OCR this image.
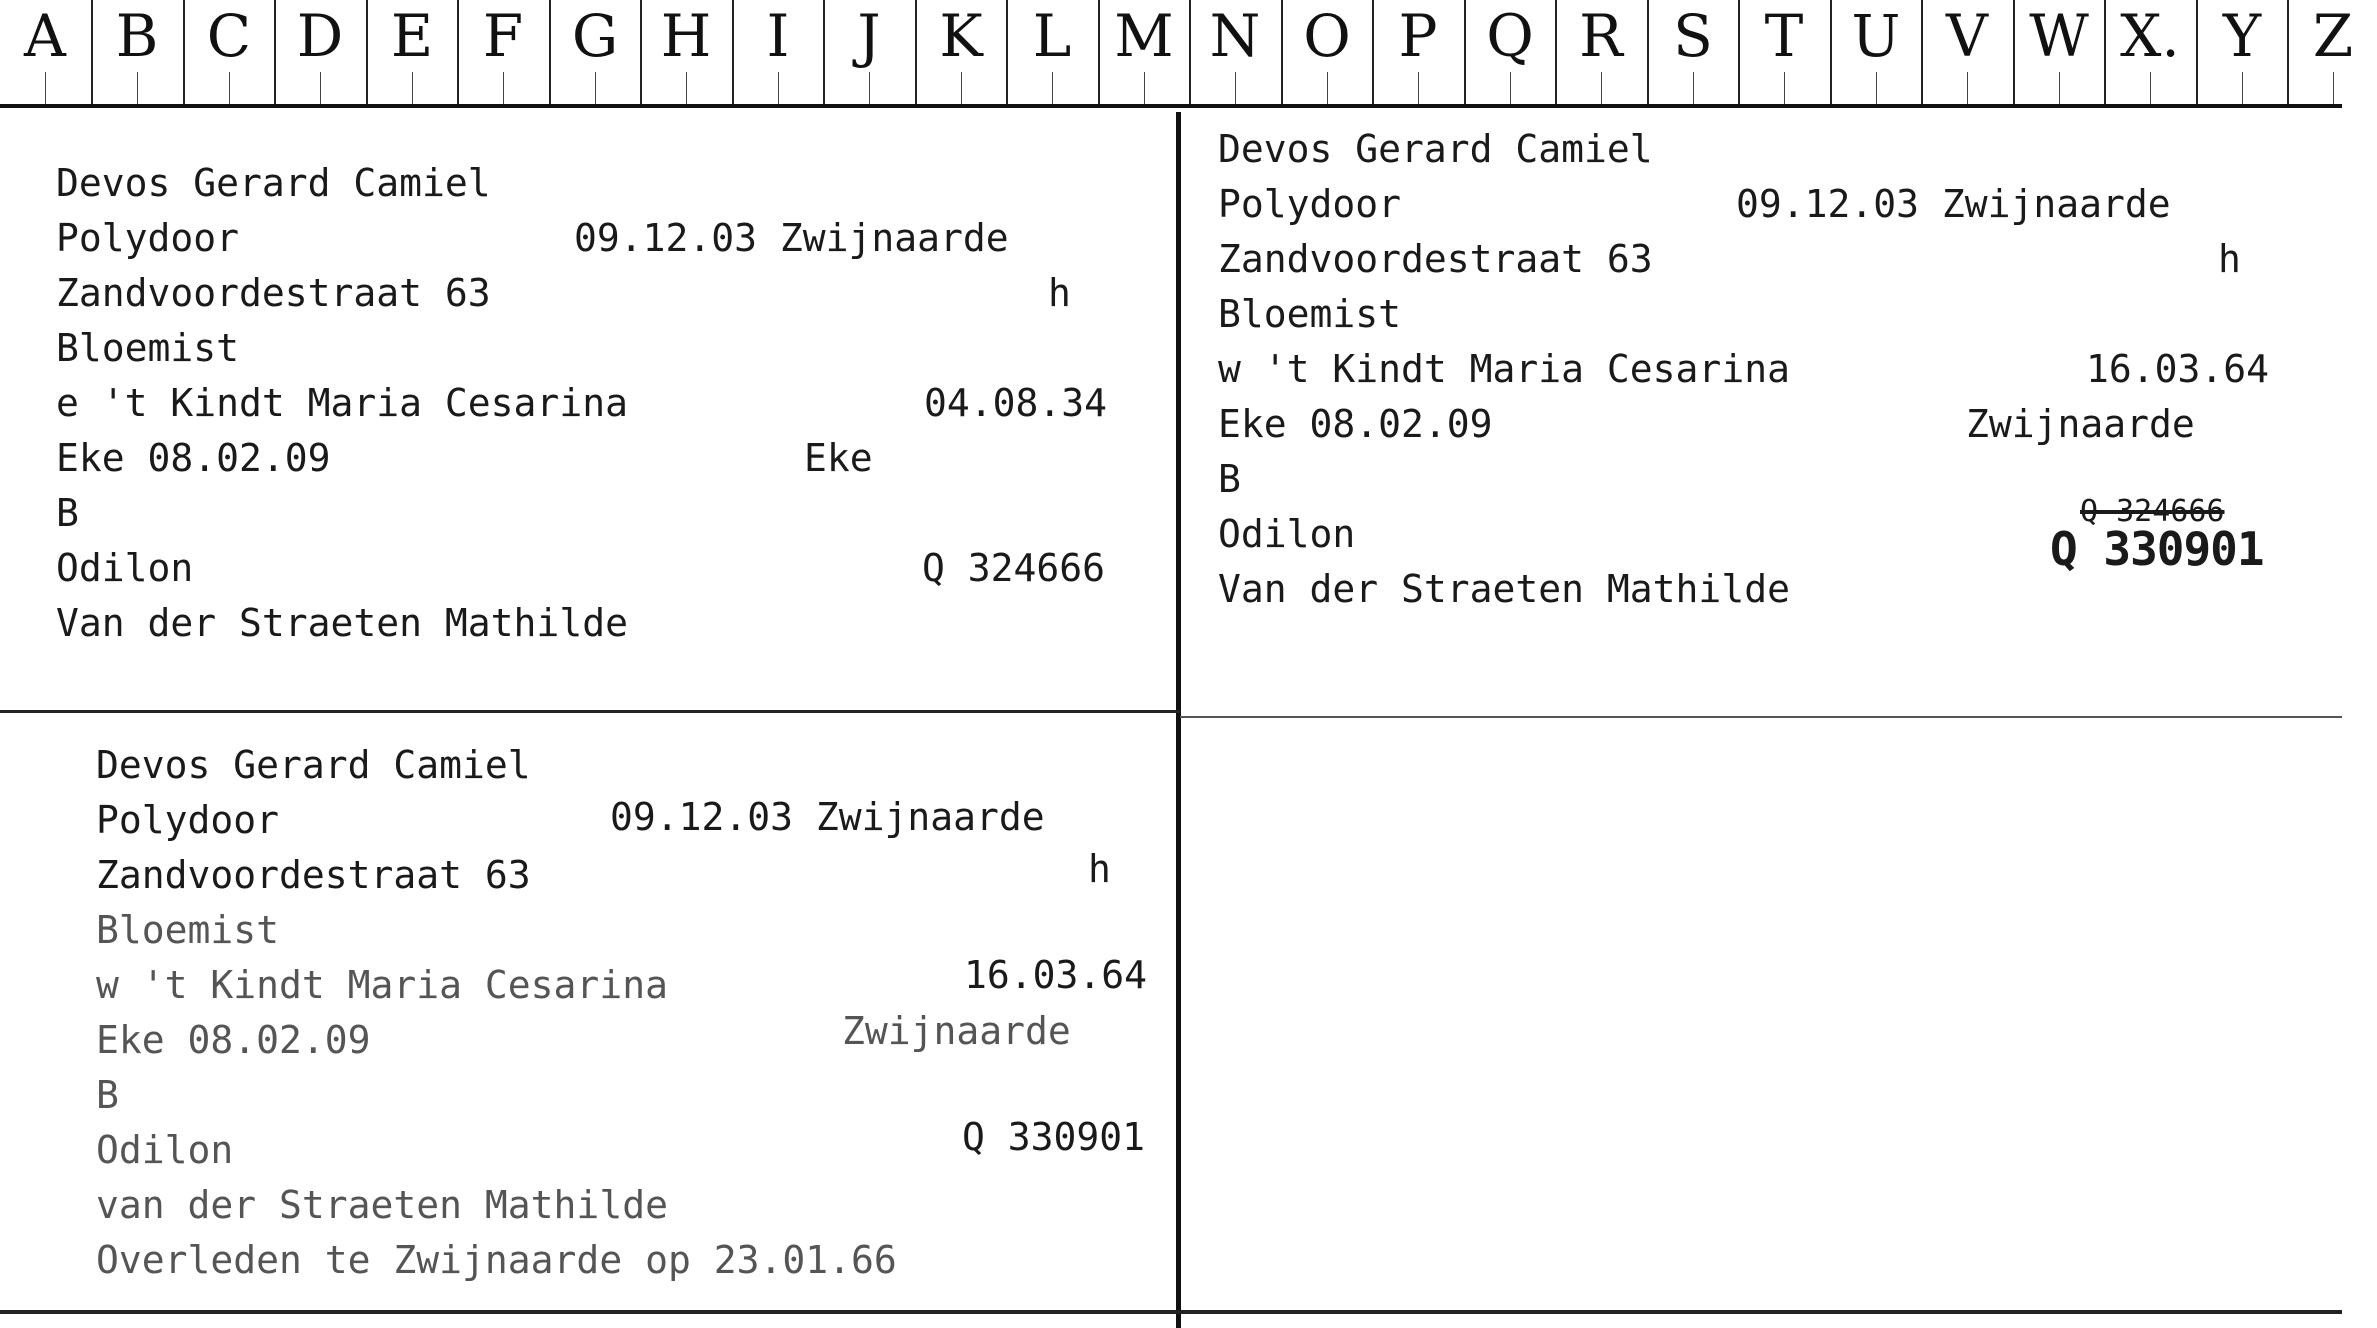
A B C D E F G H I	J	K L M N O P Q R S T U V W X. Y Z
Devos Gerard Camiel
Polydoor	09.12.03 Zwijnaarde
Zandvoordestraat 63	h
Bloemist
e 't Kindt Maria Cesarina	04.08.34
Eke 08.02.09	Eke
B
Odilon	Q 324666
Van der Straeten Mathilde
Devos Gerard Camiel
Polydoor	09.12.03 Zwijnaarde
Zandvoordestraat 63	h
Bloemist
w 't Kindt Maria Cesarina	16.03.64
Eke 08.02.09	Zwijnaarde
B
Odilon
Q 324666
Q 330901
Van der Straeten Mathilde
Devos Gerard Camiel
Polydoor	09.12.03 Zwijnaarde
Zandvoordestraat 63	h
Bloemist
w 't Kindt Maria Cesarina	16.03.64
Eke 08.02.09	Zwijnaarde
B
Odilon	Q 330901
van der Straeten Mathilde
Overleden te Zwijnaarde op 23.01.66
